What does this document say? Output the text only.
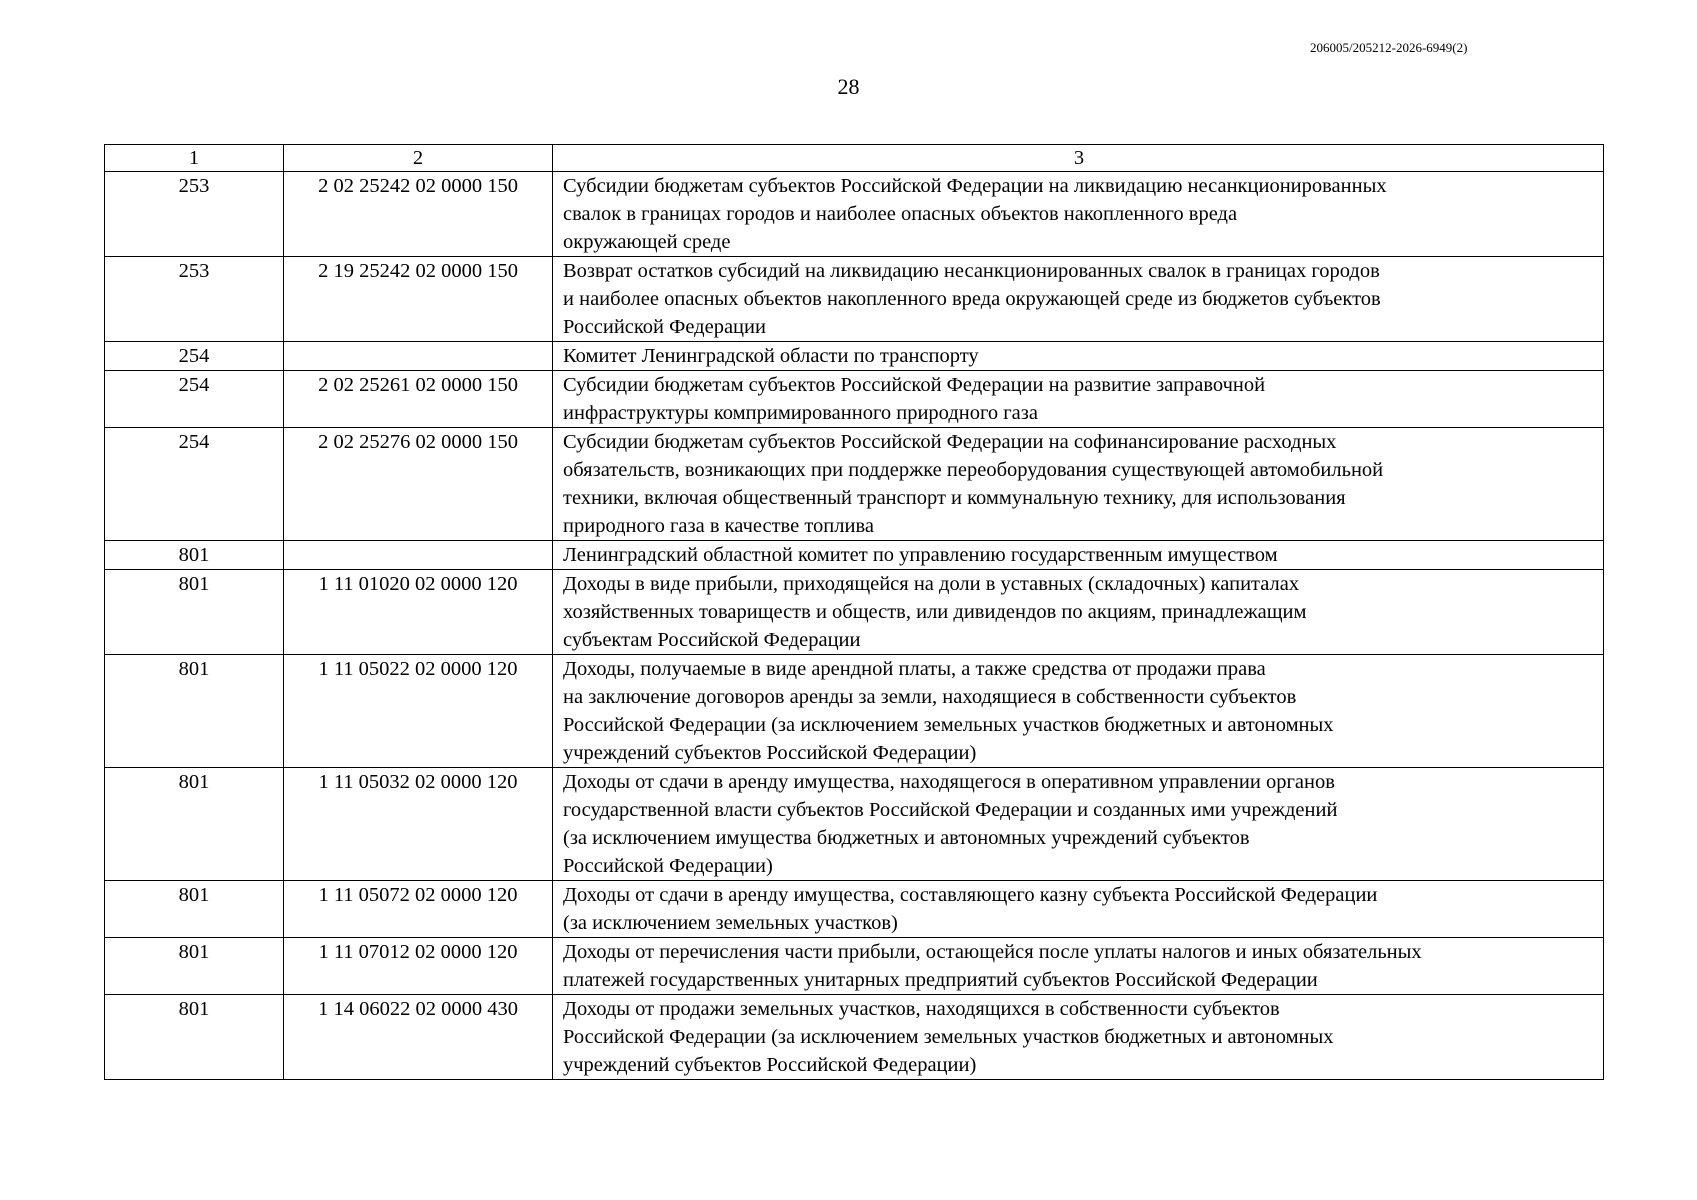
206005/205212-2026-6949(2)
28
1	2	3
253	2 02 25242 02 0000 150	Субсидии бюджетам субъектов Российской Федерации на ликвидацию несанкционированных
свалок в границах городов и наиболее опасных объектов накопленного вреда
окружающей среде

253	2 19 25242 02 0000 150	Возврат остатков субсидий на ликвидацию несанкционированных свалок в границах городов
и наиболее опасных объектов накопленного вреда окружающей среде из бюджетов субъектов
Российской Федерации

254		Комитет Ленинградской области по транспорту

254	2 02 25261 02 0000 150	Субсидии бюджетам субъектов Российской Федерации на развитие заправочной
инфраструктуры компримированного природного газа

254	2 02 25276 02 0000 150	Субсидии бюджетам субъектов Российской Федерации на софинансирование расходных
обязательств, возникающих при поддержке переоборудования существующей автомобильной
техники, включая общественный транспорт и коммунальную технику, для использования
природного газа в качестве топлива

801		Ленинградский областной комитет по управлению государственным имуществом

801	1 11 01020 02 0000 120	Доходы в виде прибыли, приходящейся на доли в уставных (складочных) капиталах
хозяйственных товариществ и обществ, или дивидендов по акциям, принадлежащим
субъектам Российской Федерации

801	1 11 05022 02 0000 120	Доходы, получаемые в виде арендной платы, а также средства от продажи права
на заключение договоров аренды за земли, находящиеся в собственности субъектов
Российской Федерации (за исключением земельных участков бюджетных и автономных
учреждений субъектов Российской Федерации)

801	1 11 05032 02 0000 120	Доходы от сдачи в аренду имущества, находящегося в оперативном управлении органов
государственной власти субъектов Российской Федерации и созданных ими учреждений
(за исключением имущества бюджетных и автономных учреждений субъектов
Российской Федерации)

801	1 11 05072 02 0000 120	Доходы от сдачи в аренду имущества, составляющего казну субъекта Российской Федерации
(за исключением земельных участков)

801	1 11 07012 02 0000 120	Доходы от перечисления части прибыли, остающейся после уплаты налогов и иных обязательных
платежей государственных унитарных предприятий субъектов Российской Федерации

801	1 14 06022 02 0000 430	Доходы от продажи земельных участков, находящихся в собственности субъектов
Российской Федерации (за исключением земельных участков бюджетных и автономных
учреждений субъектов Российской Федерации)
